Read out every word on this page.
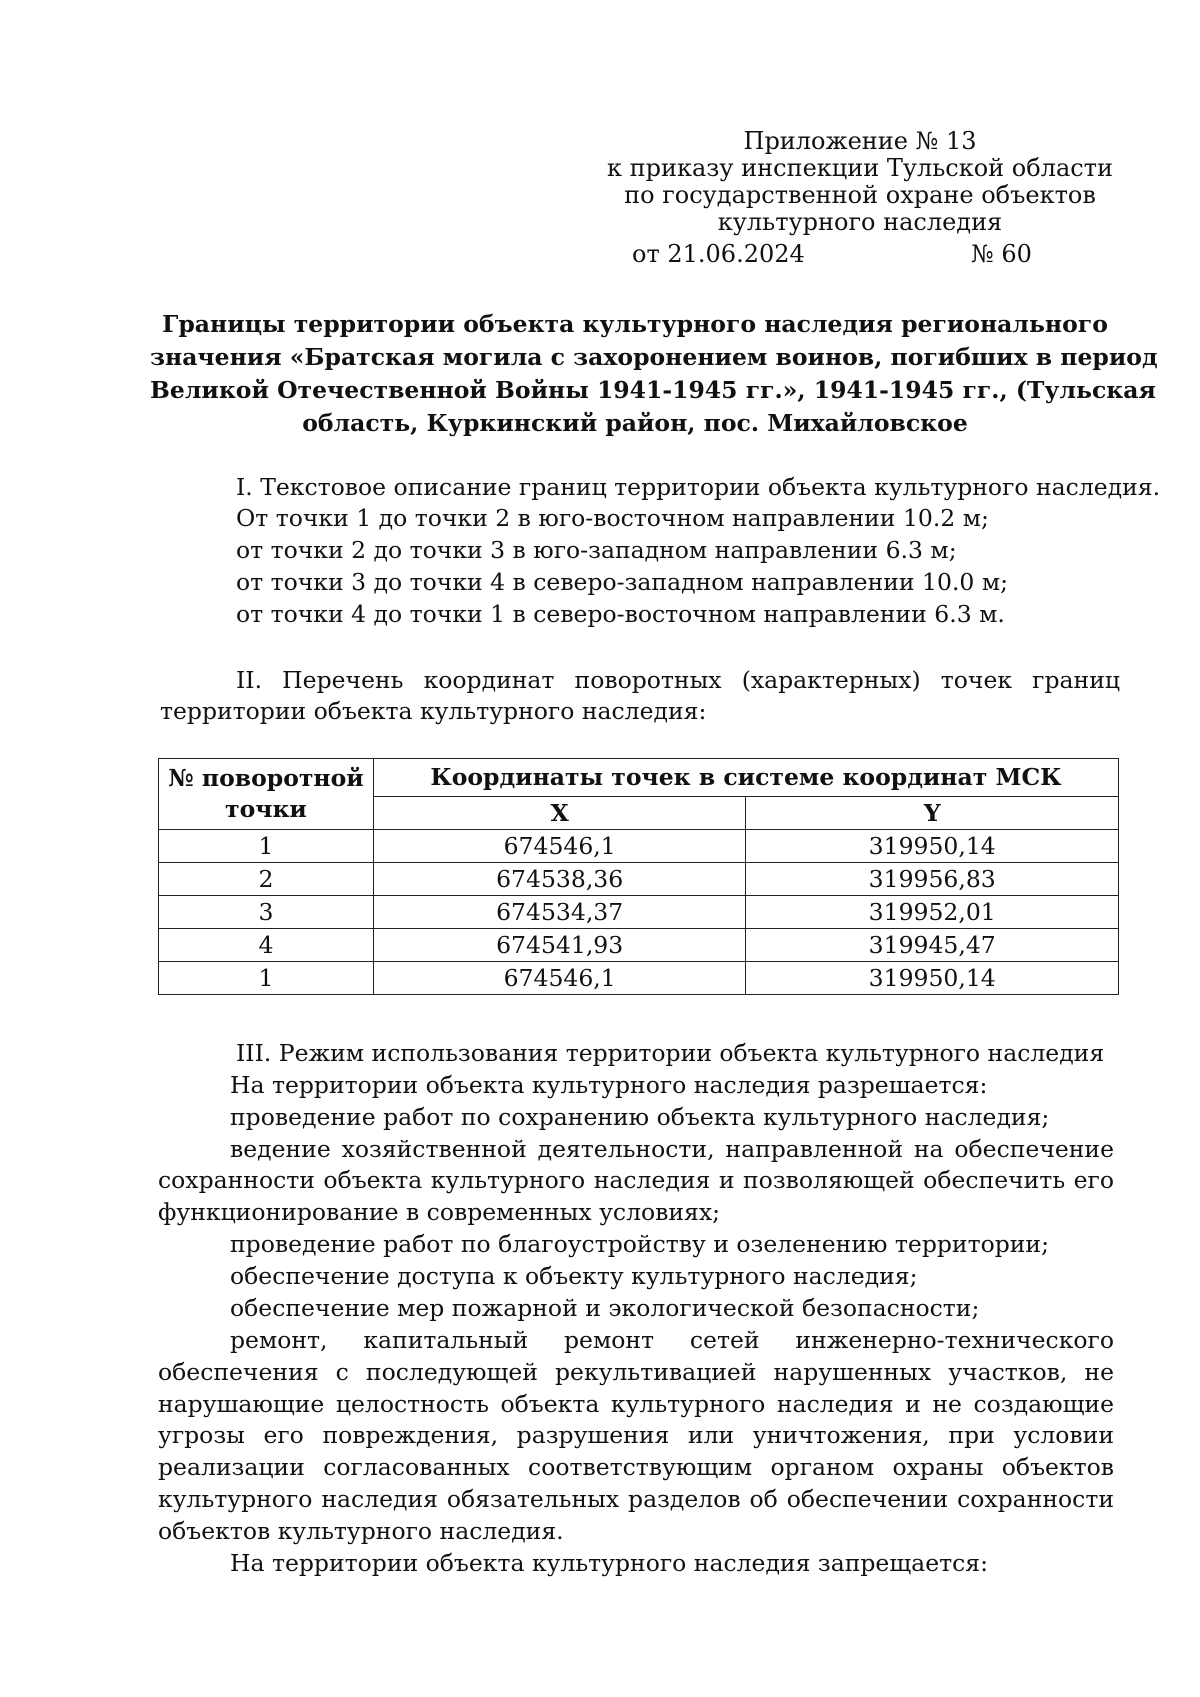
Приложение № 13
к приказу инспекции Тульской области
по государственной охране объектов
культурного наследия
от 21.06.2024	№ 60
Границы территории объекта культурного наследия регионального
значения «Братская могила с захоронением воинов, погибших в период
Великой Отечественной Войны 1941-1945 гг.», 1941-1945 гг., (Тульская
область, Куркинский район, пос. Михайловское
I. Текстовое описание границ территории объекта культурного наследия.
От точки 1 до точки 2 в юго-восточном направлении 10.2 м;
от точки 2 до точки 3 в юго-западном направлении 6.3 м;
от точки 3 до точки 4 в северо-западном направлении 10.0 м;
от точки 4 до точки 1 в северо-восточном направлении 6.3 м.
II. Перечень координат поворотных (характерных) точек границ
территории объекта культурного наследия:
№ поворотной точки	Координаты точек в системе координат МСК	
	X	Y
1	674546,1	319950,14
2	674538,36	319956,83
3	674534,37	319952,01
4	674541,93	319945,47
1	674546,1	319950,14
III. Режим использования территории объекта культурного наследия
На территории объекта культурного наследия разрешается:
проведение работ по сохранению объекта культурного наследия;
ведение хозяйственной деятельности, направленной на обеспечение
сохранности объекта культурного наследия и позволяющей обеспечить его
функционирование в современных условиях;
проведение работ по благоустройству и озеленению территории;
обеспечение доступа к объекту культурного наследия;
обеспечение мер пожарной и экологической безопасности;
ремонт, капитальный ремонт сетей инженерно-технического
обеспечения с последующей рекультивацией нарушенных участков, не
нарушающие целостность объекта культурного наследия и не создающие
угрозы его повреждения, разрушения или уничтожения, при условии
реализации согласованных соответствующим органом охраны объектов
культурного наследия обязательных разделов об обеспечении сохранности
объектов культурного наследия.
На территории объекта культурного наследия запрещается:
